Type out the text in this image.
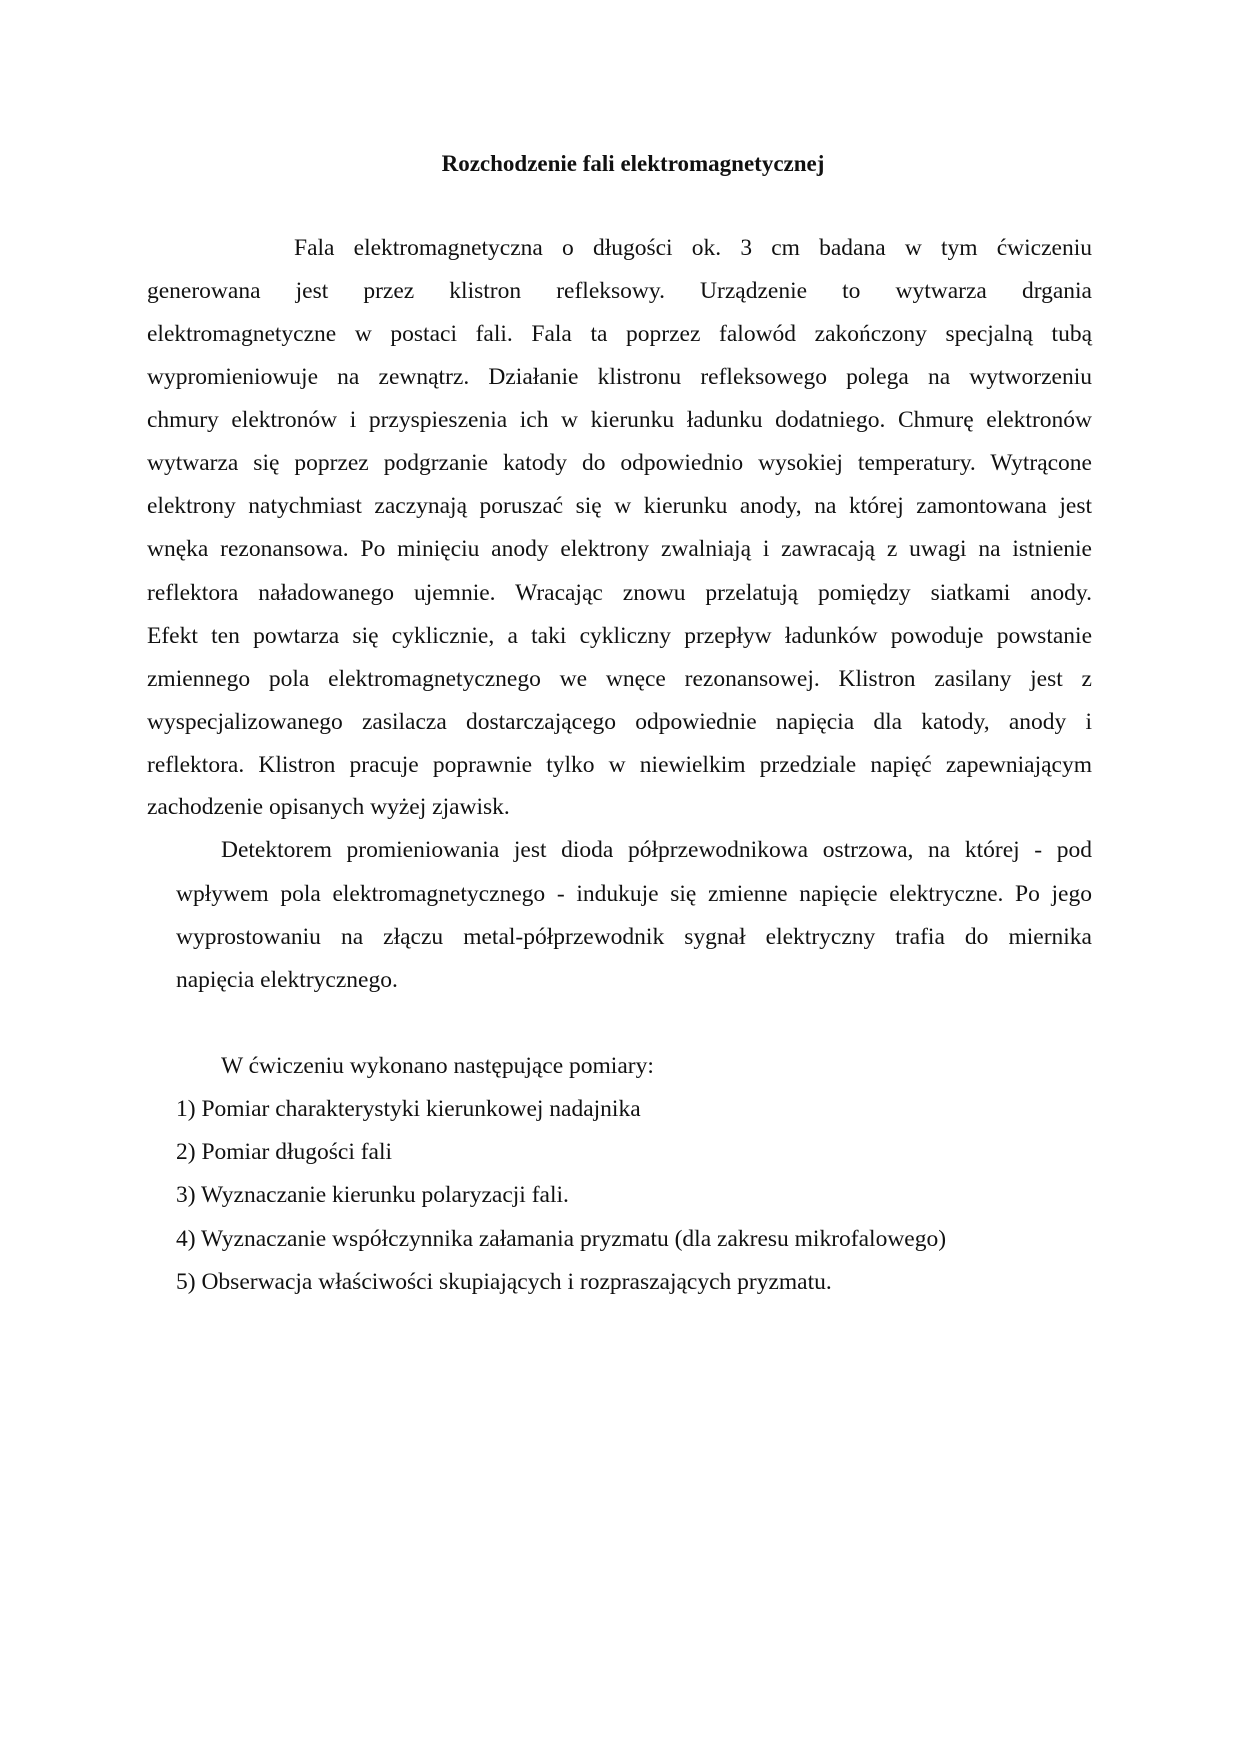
Rozchodzenie fali elektromagnetycznej
Fala elektromagnetyczna o długości ok. 3 cm badana w tym ćwiczeniu
generowana jest przez klistron refleksowy. Urządzenie to wytwarza drgania
elektromagnetyczne w postaci fali. Fala ta poprzez falowód zakończony specjalną tubą
wypromieniowuje na zewnątrz. Działanie klistronu refleksowego polega na wytworzeniu
chmury elektronów i przyspieszenia ich w kierunku ładunku dodatniego. Chmurę elektronów
wytwarza się poprzez podgrzanie katody do odpowiednio wysokiej temperatury. Wytrącone
elektrony natychmiast zaczynają poruszać się w kierunku anody, na której zamontowana jest
wnęka rezonansowa. Po minięciu anody elektrony zwalniają i zawracają z uwagi na istnienie
reflektora naładowanego ujemnie. Wracając znowu przelatują pomiędzy siatkami anody.
Efekt ten powtarza się cyklicznie, a taki cykliczny przepływ ładunków powoduje powstanie
zmiennego pola elektromagnetycznego we wnęce rezonansowej. Klistron zasilany jest z
wyspecjalizowanego zasilacza dostarczającego odpowiednie napięcia dla katody, anody i
reflektora. Klistron pracuje poprawnie tylko w niewielkim przedziale napięć zapewniającym
zachodzenie opisanych wyżej zjawisk.
Detektorem promieniowania jest dioda półprzewodnikowa ostrzowa, na której - pod
wpływem pola elektromagnetycznego - indukuje się zmienne napięcie elektryczne. Po jego
wyprostowaniu na złączu metal-półprzewodnik sygnał elektryczny trafia do miernika
napięcia elektrycznego.
W ćwiczeniu wykonano następujące pomiary:
1) Pomiar charakterystyki kierunkowej nadajnika
2) Pomiar długości fali
3) Wyznaczanie kierunku polaryzacji fali.
4) Wyznaczanie współczynnika załamania pryzmatu (dla zakresu mikrofalowego)
5) Obserwacja właściwości skupiających i rozpraszających pryzmatu.
